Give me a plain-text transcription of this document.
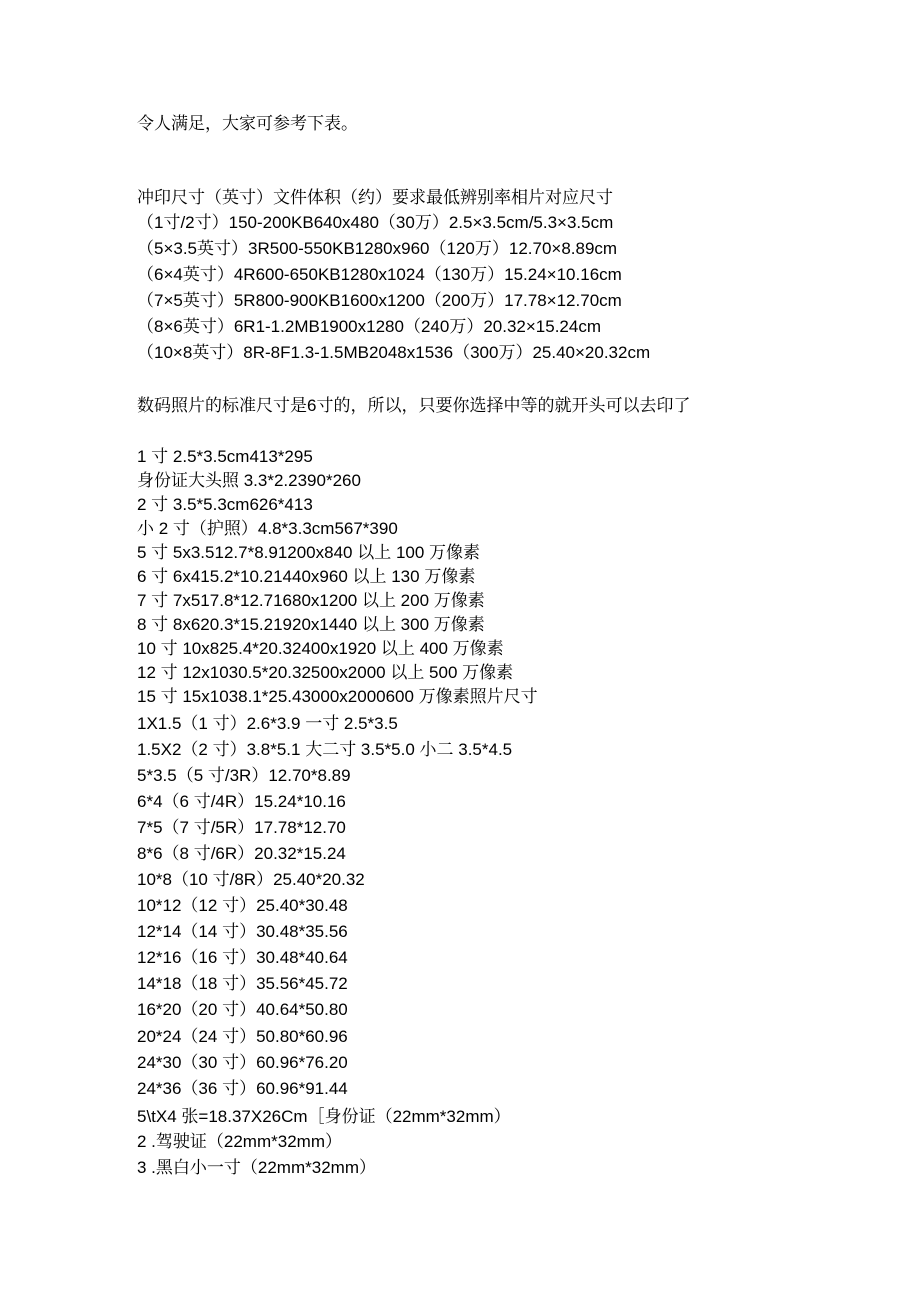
令人满足，大家可参考下表。
冲印尺寸（英寸）文件体积（约）要求最低辨别率相片对应尺寸
（1寸/2寸）150-200KB640x480（30万）2.5×3.5cm/5.3×3.5cm
（5×3.5英寸）3R500-550KB1280x960（120万）12.70×8.89cm
（6×4英寸）4R600-650KB1280x1024（130万）15.24×10.16cm
（7×5英寸）5R800-900KB1600x1200（200万）17.78×12.70cm
（8×6英寸）6R1-1.2MB1900x1280（240万）20.32×15.24cm
（10×8英寸）8R-8F1.3-1.5MB2048x1536（300万）25.40×20.32cm
数码照片的标准尺寸是6寸的，所以，只要你选择中等的就开头可以去印了
1 寸 2.5*3.5cm413*295
身份证大头照 3.3*2.2390*260
2 寸 3.5*5.3cm626*413
小 2 寸（护照）4.8*3.3cm567*390
5 寸 5x3.512.7*8.91200x840 以上 100 万像素
6 寸 6x415.2*10.21440x960 以上 130 万像素
7 寸 7x517.8*12.71680x1200 以上 200 万像素
8 寸 8x620.3*15.21920x1440 以上 300 万像素
10 寸 10x825.4*20.32400x1920 以上 400 万像素
12 寸 12x1030.5*20.32500x2000 以上 500 万像素
15 寸 15x1038.1*25.43000x2000600 万像素照片尺寸
1X1.5（1 寸）2.6*3.9 一寸 2.5*3.5
1.5X2（2 寸）3.8*5.1 大二寸 3.5*5.0 小二 3.5*4.5
5*3.5（5 寸/3R）12.70*8.89
6*4（6 寸/4R）15.24*10.16
7*5（7 寸/5R）17.78*12.70
8*6（8 寸/6R）20.32*15.24
10*8（10 寸/8R）25.40*20.32
10*12（12 寸）25.40*30.48
12*14（14 寸）30.48*35.56
12*16（16 寸）30.48*40.64
14*18（18 寸）35.56*45.72
16*20（20 寸）40.64*50.80
20*24（24 寸）50.80*60.96
24*30（30 寸）60.96*76.20
24*36（36 寸）60.96*91.44
5\tX4 张=18.37X26Cm［身份证（22mm*32mm）
2 .驾驶证（22mm*32mm）
3 .黑白小一寸（22mm*32mm）
